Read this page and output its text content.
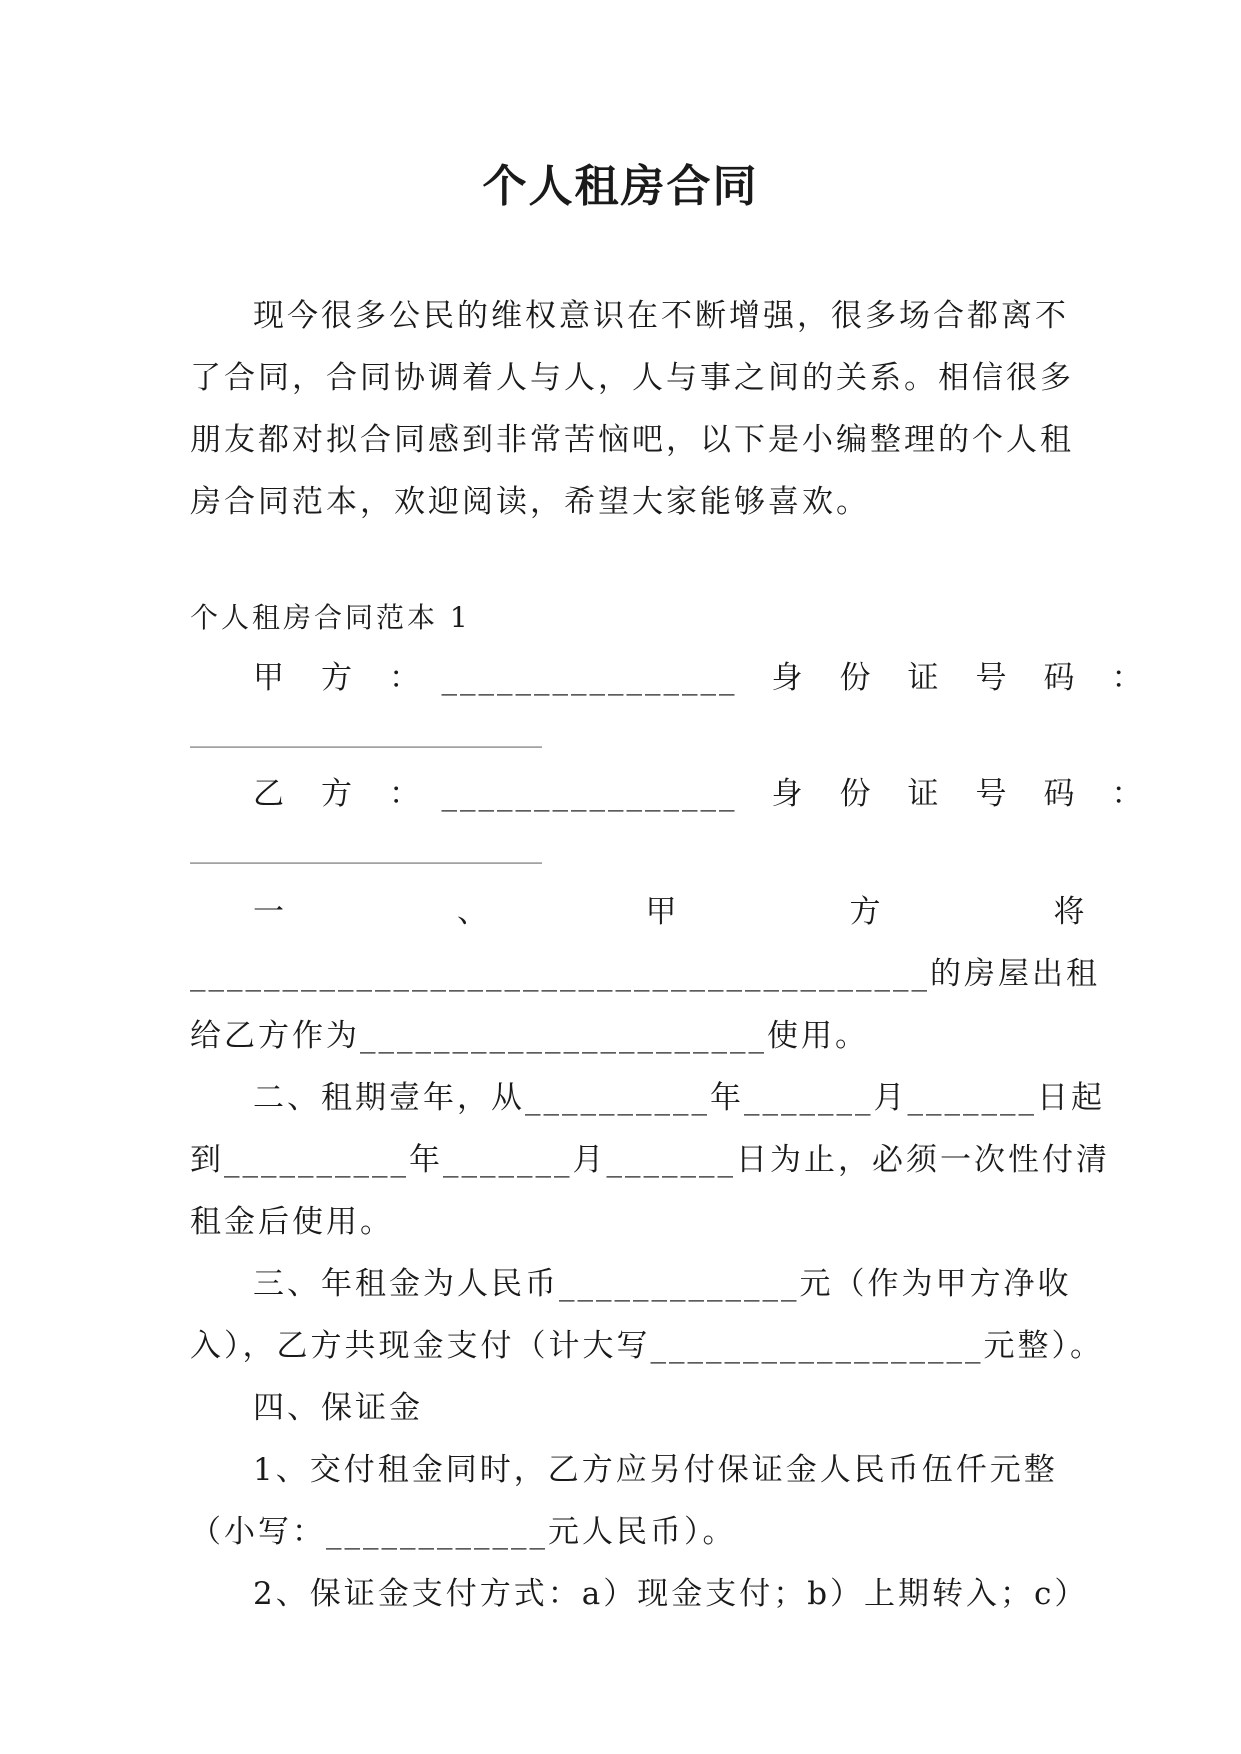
个人租房合同
现今很多公民的维权意识在不断增强，很多场合都离不
了合同，合同协调着人与人，人与事之间的关系。相信很多
朋友都对拟合同感到非常苦恼吧，以下是小编整理的个人租
房合同范本，欢迎阅读，希望大家能够喜欢。
个人租房合同范本 1
甲　方　：　________________　身　份　证　号　码　：
________________________________
乙　方　：　________________　身　份　证　号　码　：
________________________________
一　　　　　、　　　　　甲　　　　　方　　　　　将
________________________________________的房屋出租
给乙方作为______________________使用。
二、租期壹年，从__________年_______月_______日起
到__________年_______月_______日为止，必须一次性付清
租金后使用。
三、年租金为人民币_____________元（作为甲方净收
入），乙方共现金支付（计大写__________________元整）。
四、保证金
1、交付租金同时，乙方应另付保证金人民币伍仟元整
（小写：____________元人民币）。
2、保证金支付方式：a）现金支付；b）上期转入；c）
